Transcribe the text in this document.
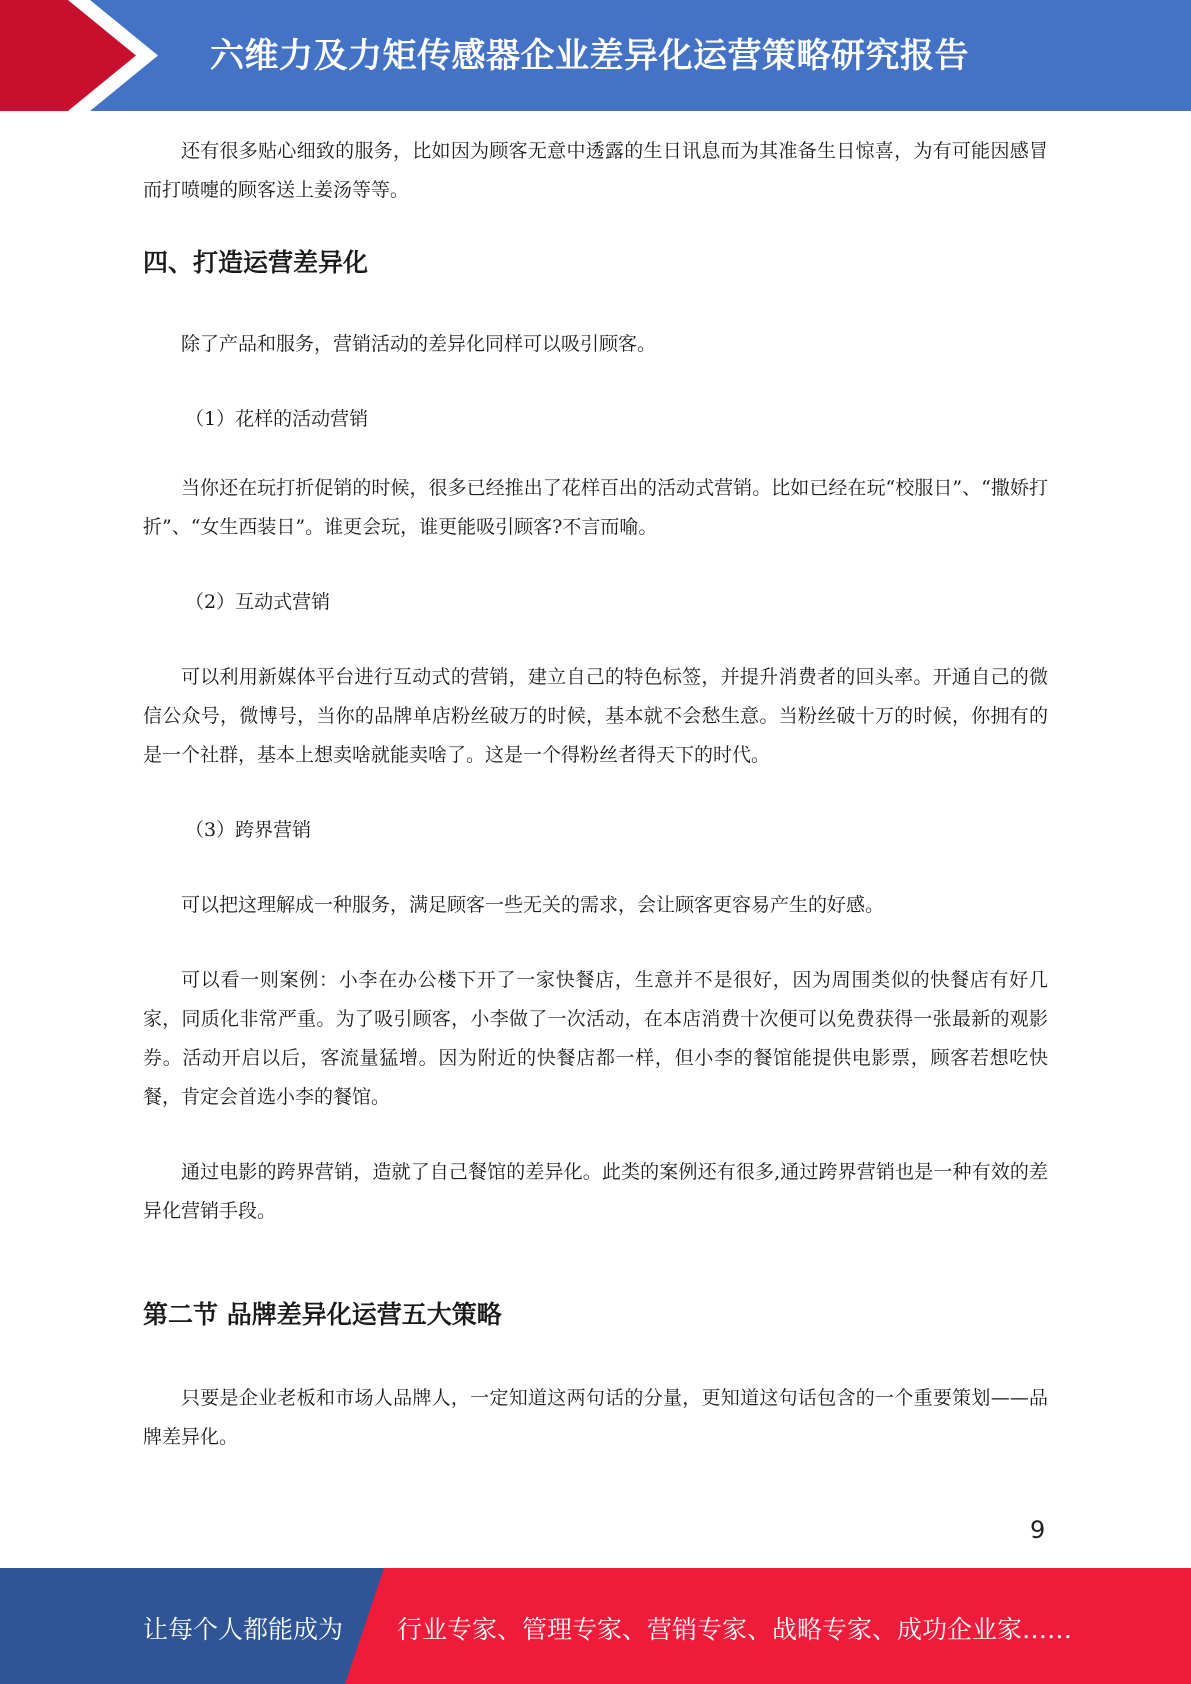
六维力及力矩传感器企业差异化运营策略研究报告

还有很多贴心细致的服务，比如因为顾客无意中透露的生日讯息而为其准备生日惊喜，为有可能因感冒而打喷嚏的顾客送上姜汤等等。

四、打造运营差异化

除了产品和服务，营销活动的差异化同样可以吸引顾客。

（1）花样的活动营销

当你还在玩打折促销的时候，很多已经推出了花样百出的活动式营销。比如已经在玩“校服日”、“撒娇打折”、“女生西装日”。谁更会玩，谁更能吸引顾客?不言而喻。

（2）互动式营销

可以利用新媒体平台进行互动式的营销，建立自己的特色标签，并提升消费者的回头率。开通自己的微信公众号，微博号，当你的品牌单店粉丝破万的时候，基本就不会愁生意。当粉丝破十万的时候，你拥有的是一个社群，基本上想卖啥就能卖啥了。这是一个得粉丝者得天下的时代。

（3）跨界营销

可以把这理解成一种服务，满足顾客一些无关的需求，会让顾客更容易产生的好感。

可以看一则案例：小李在办公楼下开了一家快餐店，生意并不是很好，因为周围类似的快餐店有好几家，同质化非常严重。为了吸引顾客，小李做了一次活动，在本店消费十次便可以免费获得一张最新的观影券。活动开启以后，客流量猛增。因为附近的快餐店都一样，但小李的餐馆能提供电影票，顾客若想吃快餐，肯定会首选小李的餐馆。

通过电影的跨界营销，造就了自己餐馆的差异化。此类的案例还有很多,通过跨界营销也是一种有效的差异化营销手段。

第二节 品牌差异化运营五大策略

只要是企业老板和市场人品牌人，一定知道这两句话的分量，更知道这句话包含的一个重要策划——品牌差异化。

9
让每个人都能成为 行业专家、管理专家、营销专家、战略专家、成功企业家……
